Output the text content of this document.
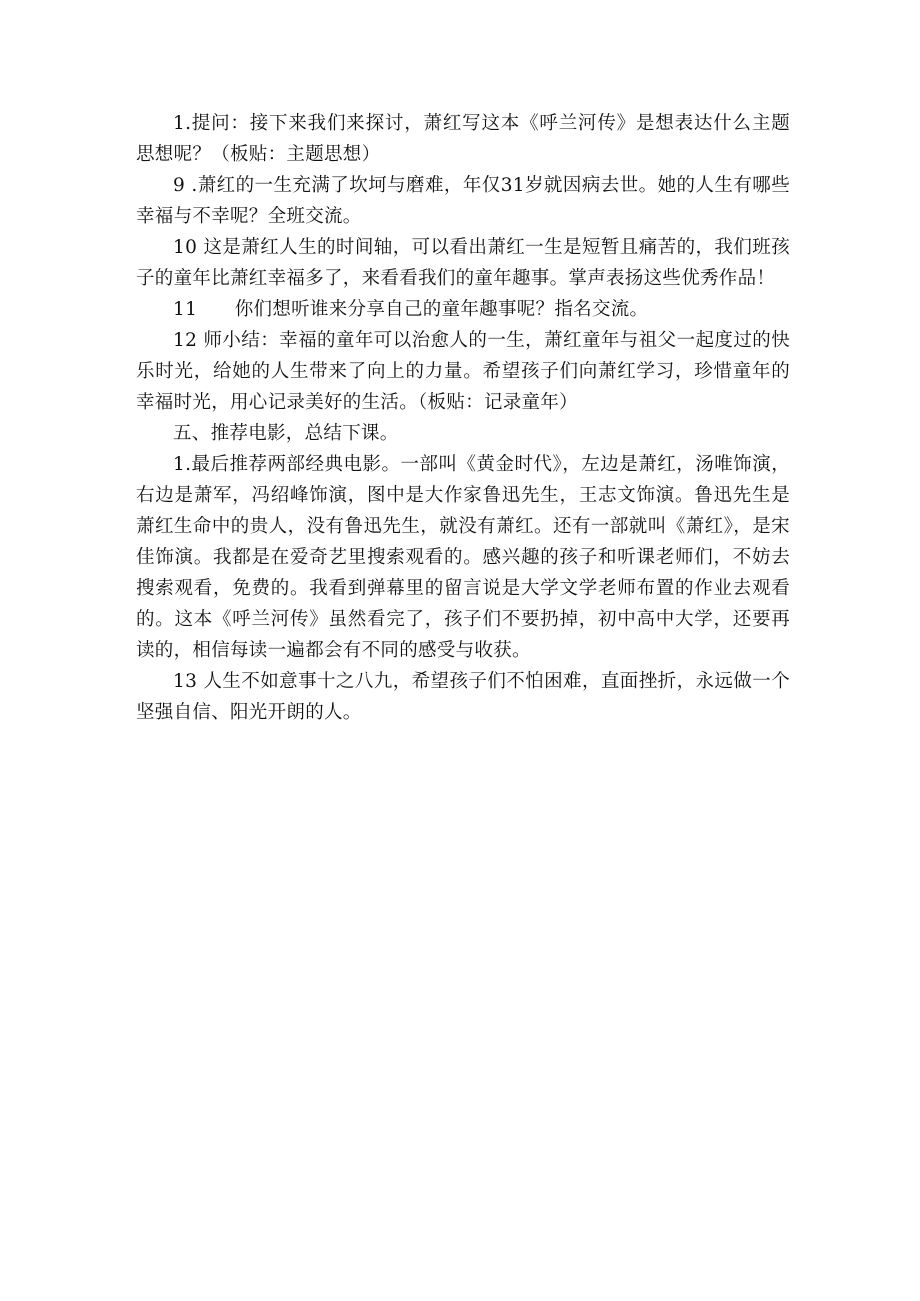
1.提问：接下来我们来探讨，萧红写这本《呼兰河传》是想表达什么主题思想呢？（板贴：主题思想）

9 .萧红的一生充满了坎坷与磨难，年仅31岁就因病去世。她的人生有哪些幸福与不幸呢？全班交流。

10 这是萧红人生的时间轴，可以看出萧红一生是短暂且痛苦的，我们班孩子的童年比萧红幸福多了，来看看我们的童年趣事。掌声表扬这些优秀作品！

11　　你们想听谁来分享自己的童年趣事呢？指名交流。

12 师小结：幸福的童年可以治愈人的一生，萧红童年与祖父一起度过的快乐时光，给她的人生带来了向上的力量。希望孩子们向萧红学习，珍惜童年的幸福时光，用心记录美好的生活。（板贴：记录童年）

五、推荐电影，总结下课。

1.最后推荐两部经典电影。一部叫《黄金时代》，左边是萧红，汤唯饰演，右边是萧军，冯绍峰饰演，图中是大作家鲁迅先生，王志文饰演。鲁迅先生是萧红生命中的贵人，没有鲁迅先生，就没有萧红。还有一部就叫《萧红》，是宋佳饰演。我都是在爱奇艺里搜索观看的。感兴趣的孩子和听课老师们，不妨去搜索观看，免费的。我看到弹幕里的留言说是大学文学老师布置的作业去观看的。这本《呼兰河传》虽然看完了，孩子们不要扔掉，初中高中大学，还要再读的，相信每读一遍都会有不同的感受与收获。

13 人生不如意事十之八九，希望孩子们不怕困难，直面挫折，永远做一个坚强自信、阳光开朗的人。
